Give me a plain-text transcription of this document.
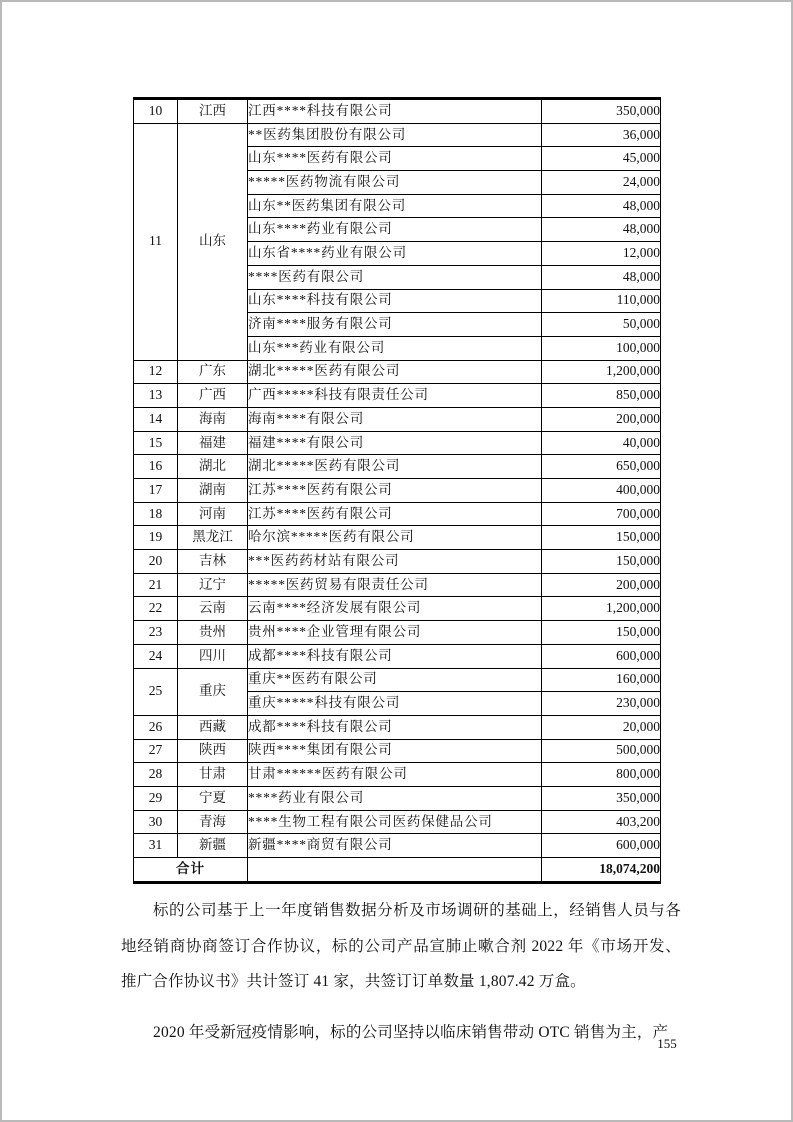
10	江西	江西****科技有限公司	350,000
11	山东	**医药集团股份有限公司	36,000
		山东****医药有限公司	45,000
		*****医药物流有限公司	24,000
		山东**医药集团有限公司	48,000
		山东****药业有限公司	48,000
		山东省****药业有限公司	12,000
		****医药有限公司	48,000
		山东****科技有限公司	110,000
		济南****服务有限公司	50,000
		山东***药业有限公司	100,000
12	广东	湖北*****医药有限公司	1,200,000
13	广西	广西*****科技有限责任公司	850,000
14	海南	海南****有限公司	200,000
15	福建	福建****有限公司	40,000
16	湖北	湖北*****医药有限公司	650,000
17	湖南	江苏****医药有限公司	400,000
18	河南	江苏****医药有限公司	700,000
19	黑龙江	哈尔滨*****医药有限公司	150,000
20	吉林	***医药药材站有限公司	150,000
21	辽宁	*****医药贸易有限责任公司	200,000
22	云南	云南****经济发展有限公司	1,200,000
23	贵州	贵州****企业管理有限公司	150,000
24	四川	成都****科技有限公司	600,000
25	重庆	重庆**医药有限公司	160,000
		重庆*****科技有限公司	230,000
26	西藏	成都****科技有限公司	20,000
27	陕西	陕西****集团有限公司	500,000
28	甘肃	甘肃******医药有限公司	800,000
29	宁夏	****药业有限公司	350,000
30	青海	****生物工程有限公司医药保健品公司	403,200
31	新疆	新疆****商贸有限公司	600,000
合计			18,074,200
标的公司基于上一年度销售数据分析及市场调研的基础上，经销售人员与各
地经销商协商签订合作协议，标的公司产品宣肺止嗽合剂 2022 年《市场开发、
推广合作协议书》共计签订 41 家，共签订订单数量 1,807.42 万盒。
2020 年受新冠疫情影响，标的公司坚持以临床销售带动 OTC 销售为主，产
155
